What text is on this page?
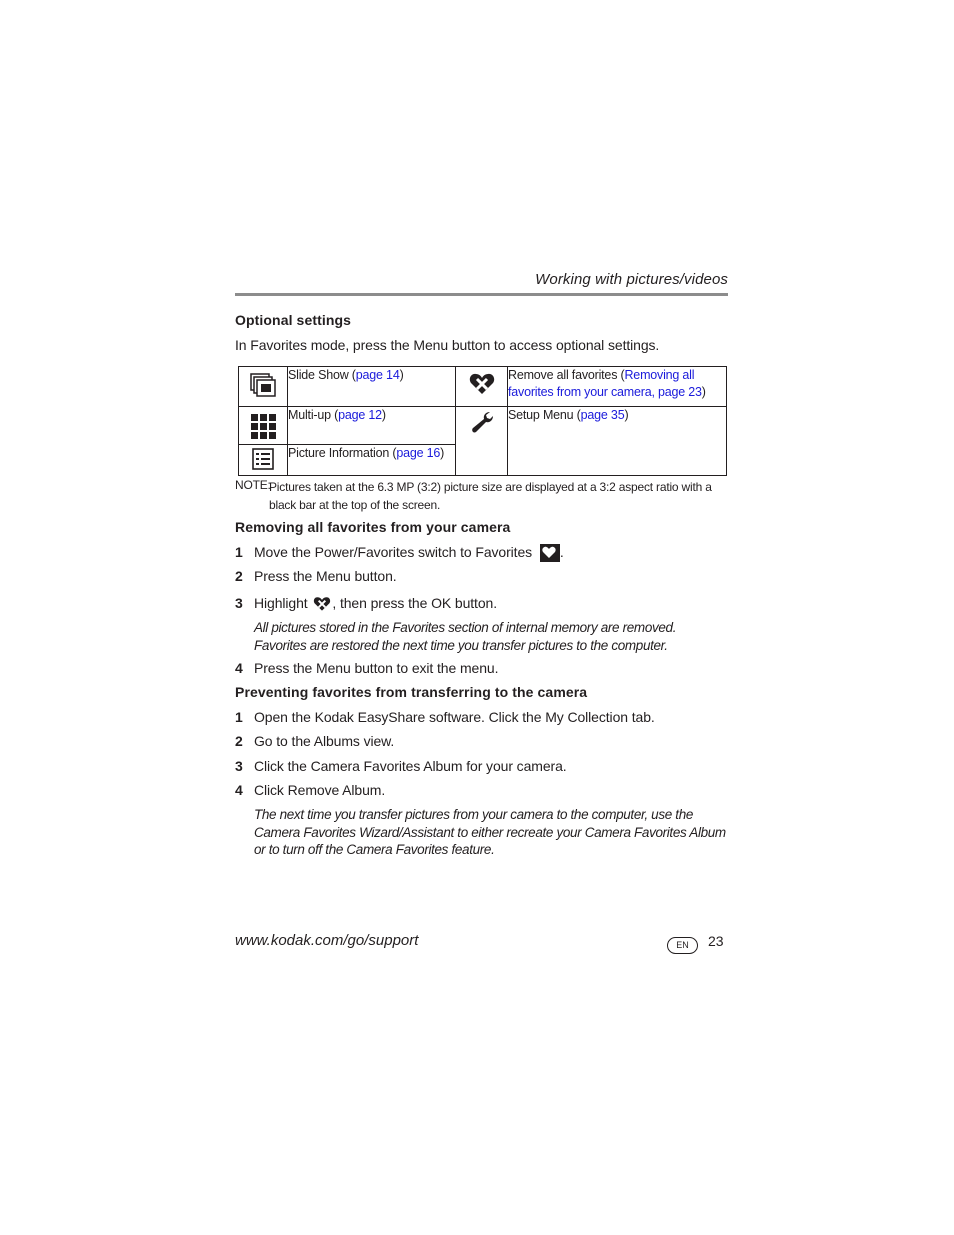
Working with pictures/videos
Optional settings
In Favorites mode, press the Menu button to access optional settings.
	Slide Show (page 14)		Remove all favorites (Removing all favorites from your camera, page 23)

	Multi-up (page 12)		Setup Menu (page 35)

	Picture Information (page 16)		
NOTE:
Pictures taken at the 6.3 MP (3:2) picture size are displayed at a 3:2 aspect ratio with a black bar at the top of the screen.
Removing all favorites from your camera
1 Move the Power/Favorites switch to Favorites .
2 Press the Menu button.
3 Highlight , then press the OK button.
All pictures stored in the Favorites section of internal memory are removed. Favorites are restored the next time you transfer pictures to the computer.
4 Press the Menu button to exit the menu.
Preventing favorites from transferring to the camera
1 Open the Kodak EasyShare software. Click the My Collection tab.
2 Go to the Albums view.
3 Click the Camera Favorites Album for your camera.
4 Click Remove Album.
The next time you transfer pictures from your camera to the computer, use the Camera Favorites Wizard/Assistant to either recreate your Camera Favorites Album or to turn off the Camera Favorites feature.
www.kodak.com/go/support	EN	23
